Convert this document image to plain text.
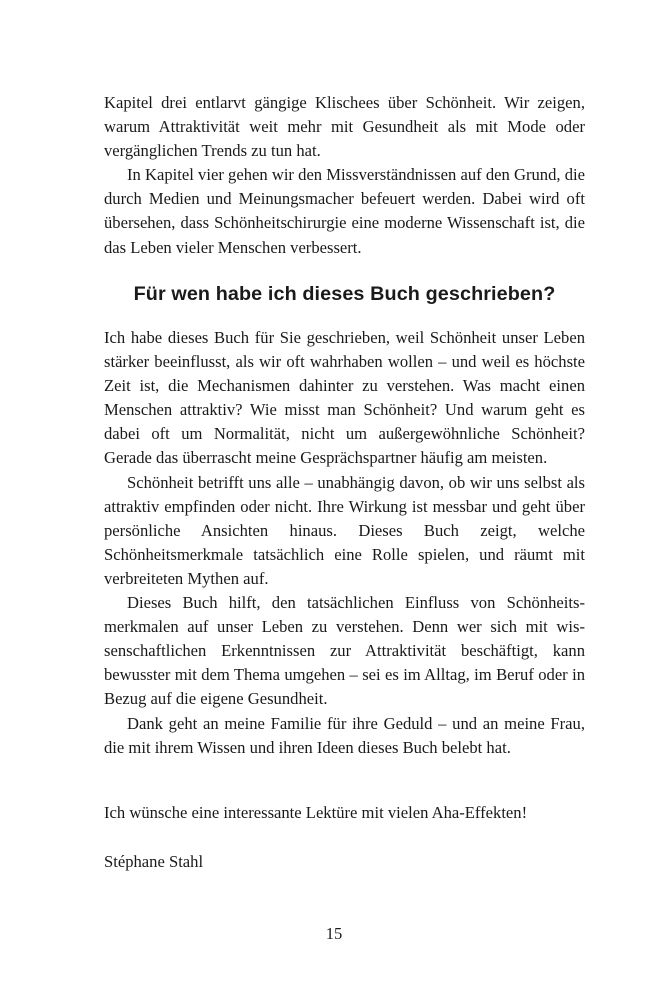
Kapitel drei entlarvt gängige Klischees über Schönheit. Wir zeigen, warum Attraktivität weit mehr mit Gesundheit als mit Mode oder vergänglichen Trends zu tun hat.

In Kapitel vier gehen wir den Missverständnissen auf den Grund, die durch Medien und Meinungsmacher befeuert werden. Dabei wird oft übersehen, dass Schönheitschirurgie eine moderne Wissenschaft ist, die das Leben vieler Menschen verbessert.

Für wen habe ich dieses Buch geschrieben?

Ich habe dieses Buch für Sie geschrieben, weil Schönheit unser Leben stärker beeinflusst, als wir oft wahrhaben wollen – und weil es höchste Zeit ist, die Mechanismen dahinter zu verstehen. Was macht einen Menschen attraktiv? Wie misst man Schönheit? Und warum geht es dabei oft um Normalität, nicht um außergewöhnliche Schönheit? Gerade das überrascht meine Gesprächspartner häufig am meisten.

Schönheit betrifft uns alle – unabhängig davon, ob wir uns selbst als attraktiv empfinden oder nicht. Ihre Wirkung ist messbar und geht über persönliche Ansichten hinaus. Dieses Buch zeigt, welche Schönheitsmerkmale tatsächlich eine Rolle spielen, und räumt mit verbreiteten Mythen auf.

Dieses Buch hilft, den tatsächlichen Einfluss von Schönheitsmerkmalen auf unser Leben zu verstehen. Denn wer sich mit wissenschaftlichen Erkenntnissen zur Attraktivität beschäftigt, kann bewusster mit dem Thema umgehen – sei es im Alltag, im Beruf oder in Bezug auf die eigene Gesundheit.

Dank geht an meine Familie für ihre Geduld – und an meine Frau, die mit ihrem Wissen und ihren Ideen dieses Buch belebt hat.

Ich wünsche eine interessante Lektüre mit vielen Aha-Effekten!
Stéphane Stahl
15
